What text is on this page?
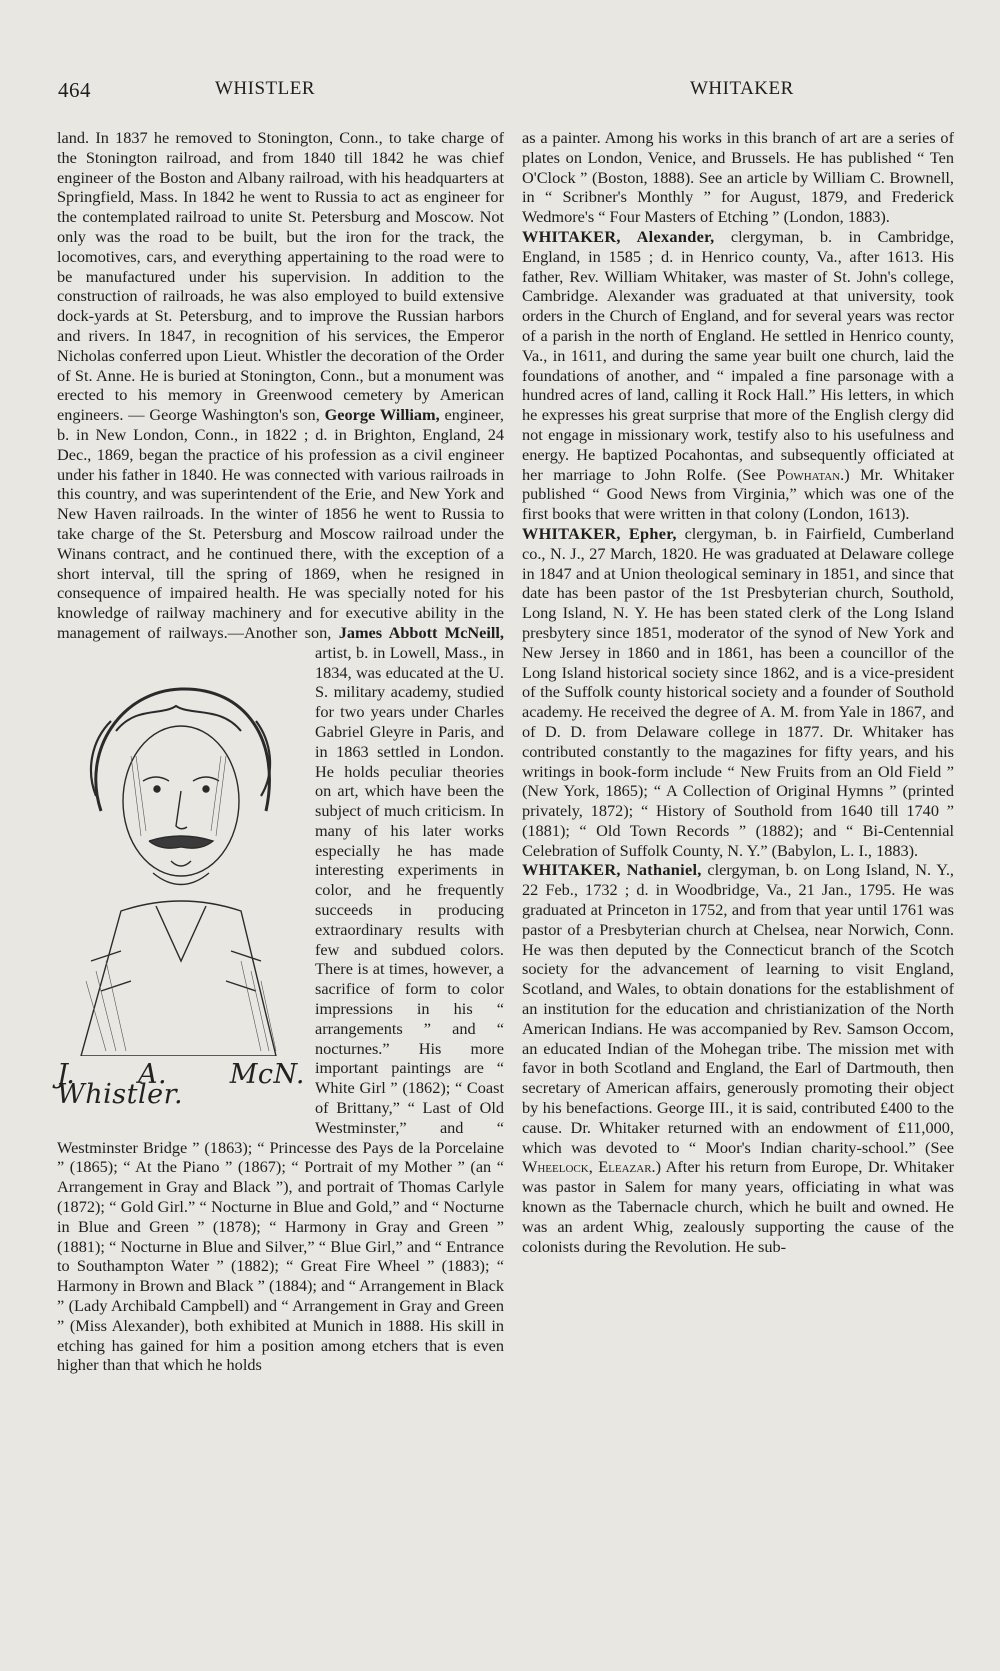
464	WHISTLER	WHITAKER

land. In 1837 he removed to Stonington, Conn., to take charge of the Stonington railroad, and from 1840 till 1842 he was chief engineer of the Boston and Albany railroad, with his headquarters at Springfield, Mass. In 1842 he went to Russia to act as engineer for the contemplated railroad to unite St. Petersburg and Moscow. Not only was the road to be built, but the iron for the track, the locomotives, cars, and everything appertaining to the road were to be manufactured under his supervision. In addition to the construction of railroads, he was also employed to build extensive dock-yards at St. Petersburg, and to improve the Russian harbors and rivers. In 1847, in recognition of his services, the Emperor Nicholas conferred upon Lieut. Whistler the decoration of the Order of St. Anne. He is buried at Stonington, Conn., but a monument was erected to his memory in Greenwood cemetery by American engineers. — George Washington's son, George William, engineer, b. in New London, Conn., in 1822 ; d. in Brighton, England, 24 Dec., 1869, began the practice of his profession as a civil engineer under his father in 1840. He was connected with various railroads in this country, and was superintendent of the Erie, and New York and New Haven railroads. In the winter of 1856 he went to Russia to take charge of the St. Petersburg and Moscow railroad under the Winans contract, and he continued there, with the exception of a short interval, till the spring of 1869, when he resigned in consequence of impaired health. He was specially noted for his knowledge of railway machinery and for executive ability in the management of railways.—Another son, James Abbott McNeill,
J. A. McN. Whistler.
artist, b. in Lowell, Mass., in 1834, was educated at the U. S. military academy, studied for two years under Charles Gabriel Gleyre in Paris, and in 1863 settled in London. He holds peculiar theories on art, which have been the subject of much criticism. In many of his later works especially he has made interesting experiments in color, and he frequently succeeds in producing extraordinary results with few and subdued colors. There is at times, however, a sacrifice of form to color impressions in his “ arrangements ” and “ nocturnes.” His more important paintings are “ White Girl ” (1862); “ Coast of Brittany,” “ Last of Old Westminster,” and “ Westminster Bridge ” (1863); “ Princesse des Pays de la Porcelaine ” (1865); “ At the Piano ” (1867); “ Portrait of my Mother ” (an “ Arrangement in Gray and Black ”), and portrait of Thomas Carlyle (1872); “ Gold Girl.” “ Nocturne in Blue and Gold,” and “ Nocturne in Blue and Green ” (1878); “ Harmony in Gray and Green ” (1881); “ Nocturne in Blue and Silver,” “ Blue Girl,” and “ Entrance to Southampton Water ” (1882); “ Great Fire Wheel ” (1883); “ Harmony in Brown and Black ” (1884); and “ Arrangement in Black ” (Lady Archibald Campbell) and “ Arrangement in Gray and Green ” (Miss Alexander), both exhibited at Munich in 1888. His skill in etching has gained for him a position among etchers that is even higher than that which he holds

as a painter. Among his works in this branch of art are a series of plates on London, Venice, and Brussels. He has published “ Ten O'Clock ” (Boston, 1888). See an article by William C. Brownell, in “ Scribner's Monthly ” for August, 1879, and Frederick Wedmore's “ Four Masters of Etching ” (London, 1883).

WHITAKER, Alexander, clergyman, b. in Cambridge, England, in 1585 ; d. in Henrico county, Va., after 1613. His father, Rev. William Whitaker, was master of St. John's college, Cambridge. Alexander was graduated at that university, took orders in the Church of England, and for several years was rector of a parish in the north of England. He settled in Henrico county, Va., in 1611, and during the same year built one church, laid the foundations of another, and “ impaled a fine parsonage with a hundred acres of land, calling it Rock Hall.” His letters, in which he expresses his great surprise that more of the English clergy did not engage in missionary work, testify also to his usefulness and energy. He baptized Pocahontas, and subsequently officiated at her marriage to John Rolfe. (See Powhatan.) Mr. Whitaker published “ Good News from Virginia,” which was one of the first books that were written in that colony (London, 1613).

WHITAKER, Epher, clergyman, b. in Fairfield, Cumberland co., N. J., 27 March, 1820. He was graduated at Delaware college in 1847 and at Union theological seminary in 1851, and since that date has been pastor of the 1st Presbyterian church, Southold, Long Island, N. Y. He has been stated clerk of the Long Island presbytery since 1851, moderator of the synod of New York and New Jersey in 1860 and in 1861, has been a councillor of the Long Island historical society since 1862, and is a vice-president of the Suffolk county historical society and a founder of Southold academy. He received the degree of A. M. from Yale in 1867, and of D. D. from Delaware college in 1877. Dr. Whitaker has contributed constantly to the magazines for fifty years, and his writings in book-form include “ New Fruits from an Old Field ” (New York, 1865); “ A Collection of Original Hymns ” (printed privately, 1872); “ History of Southold from 1640 till 1740 ” (1881); “ Old Town Records ” (1882); and “ Bi-Centennial Celebration of Suffolk County, N. Y.” (Babylon, L. I., 1883).

WHITAKER, Nathaniel, clergyman, b. on Long Island, N. Y., 22 Feb., 1732 ; d. in Woodbridge, Va., 21 Jan., 1795. He was graduated at Princeton in 1752, and from that year until 1761 was pastor of a Presbyterian church at Chelsea, near Norwich, Conn. He was then deputed by the Connecticut branch of the Scotch society for the advancement of learning to visit England, Scotland, and Wales, to obtain donations for the establishment of an institution for the education and christianization of the North American Indians. He was accompanied by Rev. Samson Occom, an educated Indian of the Mohegan tribe. The mission met with favor in both Scotland and England, the Earl of Dartmouth, then secretary of American affairs, generously promoting their object by his benefactions. George III., it is said, contributed £400 to the cause. Dr. Whitaker returned with an endowment of £11,000, which was devoted to “ Moor's Indian charity-school.” (See Wheelock, Eleazar.) After his return from Europe, Dr. Whitaker was pastor in Salem for many years, officiating in what was known as the Tabernacle church, which he built and owned. He was an ardent Whig, zealously supporting the cause of the colonists during the Revolution. He sub-
